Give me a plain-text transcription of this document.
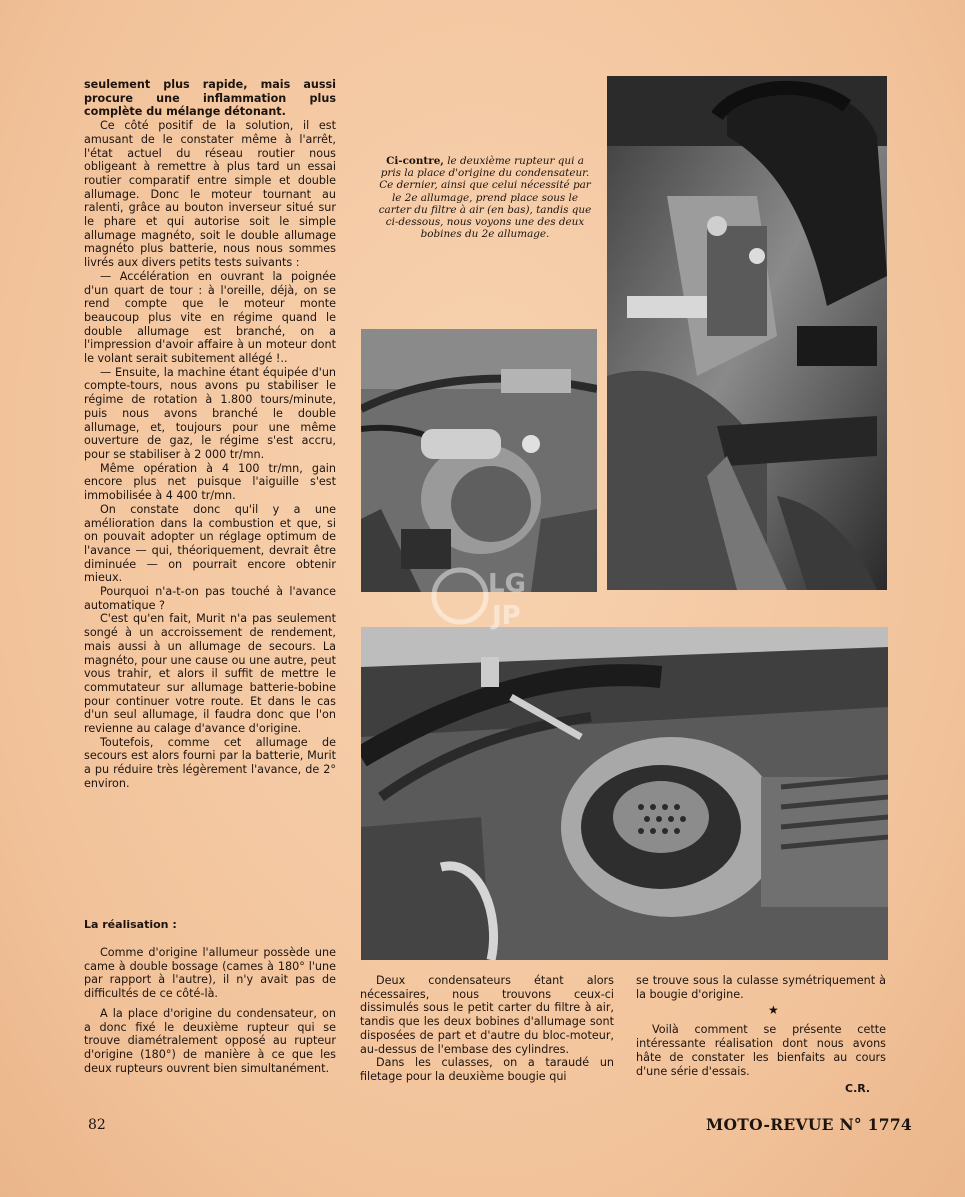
seulement plus rapide, mais aussi procure une inflammation plus complète du mélange détonant.

Ce côté positif de la solution, il est amusant de le constater même à l'arrêt, l'état actuel du réseau routier nous obligeant à remettre à plus tard un essai routier comparatif entre simple et double allumage. Donc le moteur tournant au ralenti, grâce au bouton inverseur situé sur le phare et qui autorise soit le simple allumage magnéto, soit le double allumage magnéto plus batterie, nous nous sommes livrés aux divers petits tests suivants :

— Accélération en ouvrant la poignée d'un quart de tour : à l'oreille, déjà, on se rend compte que le moteur monte beaucoup plus vite en régime quand le double allumage est branché, on a l'impression d'avoir affaire à un moteur dont le volant serait subitement allégé !..

— Ensuite, la machine étant équipée d'un compte-tours, nous avons pu stabiliser le régime de rotation à 1.800 tours/minute, puis nous avons branché le double allumage, et, toujours pour une même ouverture de gaz, le régime s'est accru, pour se stabiliser à 2 000 tr/mn.

Même opération à 4 100 tr/mn, gain encore plus net puisque l'aiguille s'est immobilisée à 4 400 tr/mn.

On constate donc qu'il y a une amélioration dans la combustion et que, si on pouvait adopter un réglage optimum de l'avance — qui, théoriquement, devrait être diminuée — on pourrait encore obtenir mieux.

Pourquoi n'a-t-on pas touché à l'avance automatique ?

C'est qu'en fait, Murit n'a pas seulement songé à un accroissement de rendement, mais aussi à un allumage de secours. La magnéto, pour une cause ou une autre, peut vous trahir, et alors il suffit de mettre le commutateur sur allumage batterie-bobine pour continuer votre route. Et dans le cas d'un seul allumage, il faudra donc que l'on revienne au calage d'avance d'origine.

Toutefois, comme cet allumage de secours est alors fourni par la batterie, Murit a pu réduire très légèrement l'avance, de 2° environ.

La réalisation :

Comme d'origine l'allumeur possède une came à double bossage (cames à 180° l'une par rapport à l'autre), il n'y avait pas de difficultés de ce côté-là.

A la place d'origine du condensateur, on a donc fixé le deuxième rupteur qui se trouve diamétralement opposé au rupteur d'origine (180°) de manière à ce que les deux rupteurs ouvrent bien simultanément.

Ci-contre, le deuxième rupteur qui a pris la place d'origine du condensateur. Ce dernier, ainsi que celui nécessité par le 2e allumage, prend place sous le carter du filtre à air (en bas), tandis que ci-dessous, nous voyons une des deux bobines du 2e allumage.
LG
JP

Deux condensateurs étant alors nécessaires, nous trouvons ceux-ci dissimulés sous le petit carter du filtre à air, tandis que les deux bobines d'allumage sont disposées de part et d'autre du bloc-moteur, au-dessus de l'embase des cylindres.

Dans les culasses, on a taraudé un filetage pour la deuxième bougie qui

se trouve sous la culasse symétriquement à la bougie d'origine.

Voilà comment se présente cette intéressante réalisation dont nous avons hâte de constater les bienfaits au cours d'une série d'essais.

★
C.R.
82	MOTO-REVUE N° 1774
